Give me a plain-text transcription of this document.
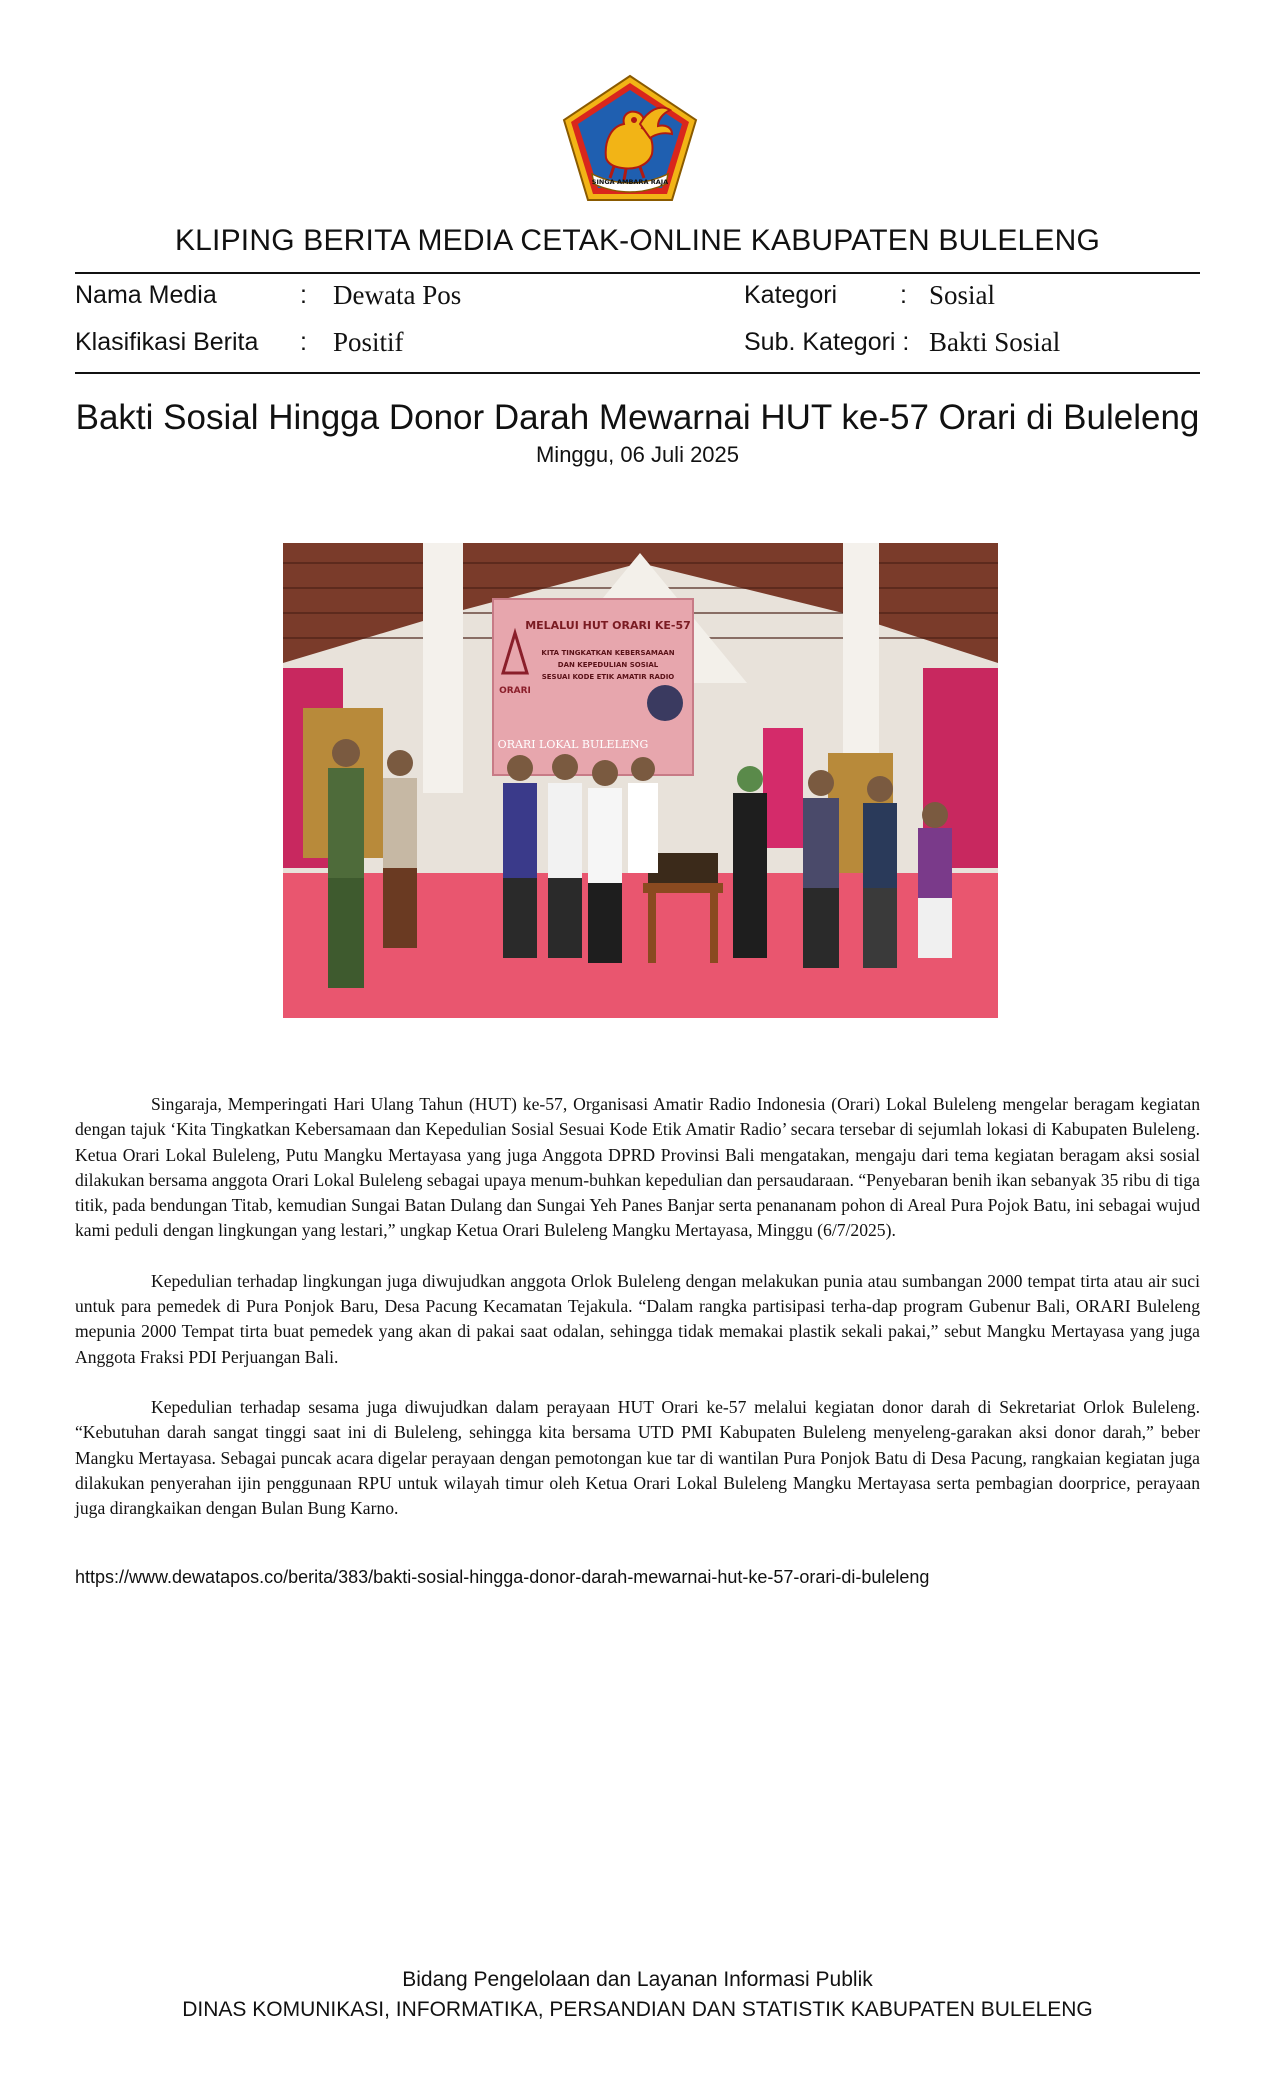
SINGA AMBARA RAJA
KLIPING BERITA MEDIA CETAK-ONLINE KABUPATEN BULELENG
Nama Media	: Dewata Pos	Kategori	: Sosial
Klasifikasi Berita : Positif	Sub. Kategori : Bakti Sosial
Bakti Sosial Hingga Donor Darah Mewarnai HUT ke-57 Orari di Buleleng
Minggu, 06 Juli 2025
ORARI
MELALUI HUT ORARI KE-57
KITA TINGKATKAN KEBERSAMAAN
DAN KEPEDULIAN SOSIAL
SESUAI KODE ETIK AMATIR RADIO
ORARI LOKAL BULELENG

Singaraja, Memperingati Hari Ulang Tahun (HUT) ke-57, Organisasi Amatir Radio Indonesia (Orari) Lokal Buleleng mengelar beragam kegiatan dengan tajuk ‘Kita Tingkatkan Kebersamaan dan Kepedulian Sosial Sesuai Kode Etik Amatir Radio’ secara tersebar di sejumlah lokasi di Kabupaten Buleleng. Ketua Orari Lokal Buleleng, Putu Mangku Mertayasa yang juga Anggota DPRD Provinsi Bali mengatakan, mengaju dari tema kegiatan beragam aksi sosial dilakukan bersama anggota Orari Lokal Buleleng sebagai upaya menum-buhkan kepedulian dan persaudaraan. “Penyebaran benih ikan sebanyak 35 ribu di tiga titik, pada bendungan Titab, kemudian Sungai Batan Dulang dan Sungai Yeh Panes Banjar serta penananam pohon di Areal Pura Pojok Batu, ini sebagai wujud kami peduli dengan lingkungan yang lestari,” ungkap Ketua Orari Buleleng Mangku Mertayasa, Minggu (6/7/2025).

Kepedulian terhadap lingkungan juga diwujudkan anggota Orlok Buleleng dengan melakukan punia atau sumbangan 2000 tempat tirta atau air suci untuk para pemedek di Pura Ponjok Baru, Desa Pacung Kecamatan Tejakula. “Dalam rangka partisipasi terha-dap program Gubenur Bali, ORARI Buleleng mepunia 2000 Tempat tirta buat pemedek yang akan di pakai saat odalan, sehingga tidak memakai plastik sekali pakai,” sebut Mangku Mertayasa yang juga Anggota Fraksi PDI Perjuangan Bali.

Kepedulian terhadap sesama juga diwujudkan dalam perayaan HUT Orari ke-57 melalui kegiatan donor darah di Sekretariat Orlok Buleleng. “Kebutuhan darah sangat tinggi saat ini di Buleleng, sehingga kita bersama UTD PMI Kabupaten Buleleng menyeleng-garakan aksi donor darah,” beber Mangku Mertayasa. Sebagai puncak acara digelar perayaan dengan pemotongan kue tar di wantilan Pura Ponjok Batu di Desa Pacung, rangkaian kegiatan juga dilakukan penyerahan ijin penggunaan RPU untuk wilayah timur oleh Ketua Orari Lokal Buleleng Mangku Mertayasa serta pembagian doorprice, perayaan juga dirangkaikan dengan Bulan Bung Karno.

https://www.dewatapos.co/berita/383/bakti-sosial-hingga-donor-darah-mewarnai-hut-ke-57-orari-di-buleleng
Bidang Pengelolaan dan Layanan Informasi Publik
DINAS KOMUNIKASI, INFORMATIKA, PERSANDIAN DAN STATISTIK KABUPATEN BULELENG
